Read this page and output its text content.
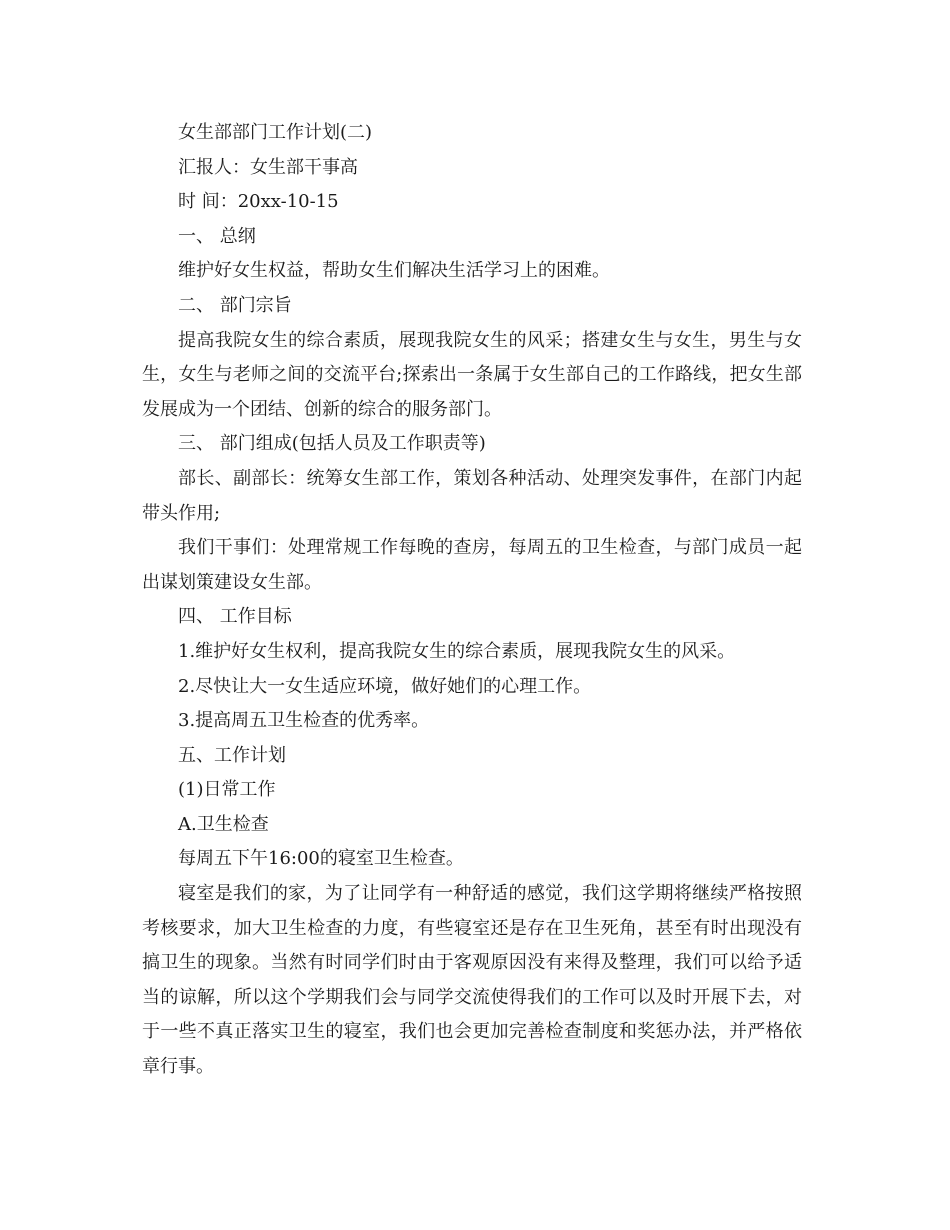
女生部部门工作计划(二)

汇报人：女生部干事高

时 间：20xx-10-15

一、 总纲

维护好女生权益，帮助女生们解决生活学习上的困难。

二、 部门宗旨

提高我院女生的综合素质，展现我院女生的风采；搭建女生与女生，男生与女生，女生与老师之间的交流平台;探索出一条属于女生部自己的工作路线，把女生部发展成为一个团结、创新的综合的服务部门。

三、 部门组成(包括人员及工作职责等)

部长、副部长：统筹女生部工作，策划各种活动、处理突发事件，在部门内起带头作用;

我们干事们：处理常规工作每晚的查房，每周五的卫生检查，与部门成员一起出谋划策建设女生部。

四、 工作目标

1.维护好女生权利，提高我院女生的综合素质，展现我院女生的风采。

2.尽快让大一女生适应环境，做好她们的心理工作。

3.提高周五卫生检查的优秀率。

五、工作计划

(1)日常工作

A.卫生检查

每周五下午16:00的寝室卫生检查。

寝室是我们的家，为了让同学有一种舒适的感觉，我们这学期将继续严格按照考核要求，加大卫生检查的力度，有些寝室还是存在卫生死角，甚至有时出现没有搞卫生的现象。当然有时同学们时由于客观原因没有来得及整理，我们可以给予适当的谅解，所以这个学期我们会与同学交流使得我们的工作可以及时开展下去，对于一些不真正落实卫生的寝室，我们也会更加完善检查制度和奖惩办法，并严格依章行事。
